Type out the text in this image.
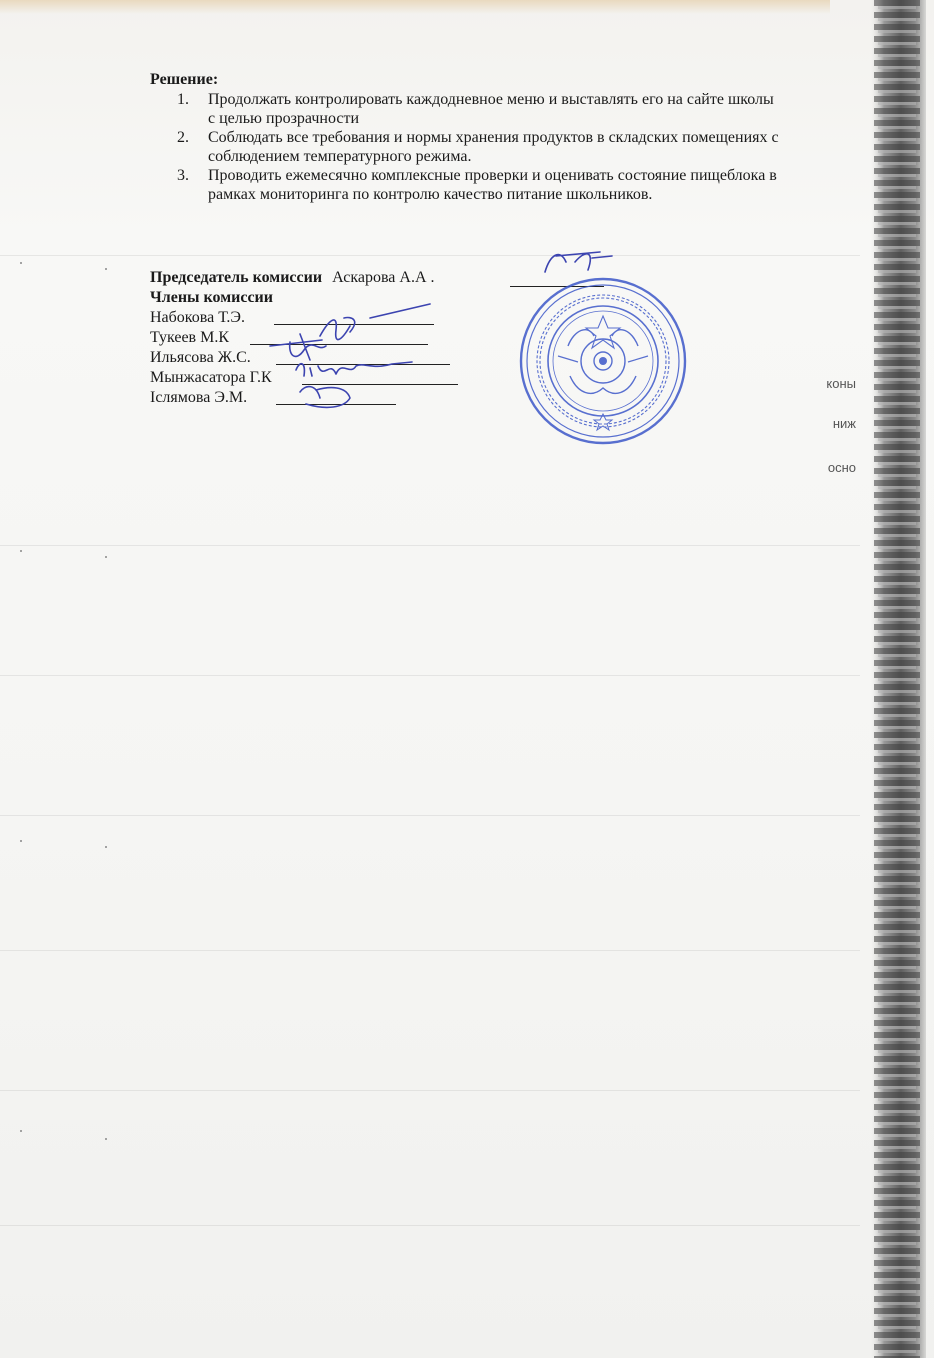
Решение:
1. Продолжать контролировать каждодневное меню и выставлять его на сайте школы
с целью прозрачности
2. Соблюдать все требования и нормы хранения продуктов в складских помещениях с
соблюдением температурного режима.
3. Проводить ежемесячно комплексные проверки и оценивать состояние пищеблока в
рамках мониторинга по контролю качество питание школьников.
Председатель комиссии Аскарова А.А .
Члены комиссии
Набокова Т.Э.
Тукеев М.К
Ильясова Ж.С.
Мынжасатора Г.К
Іслямова Э.М.
коны
ниж
осно
